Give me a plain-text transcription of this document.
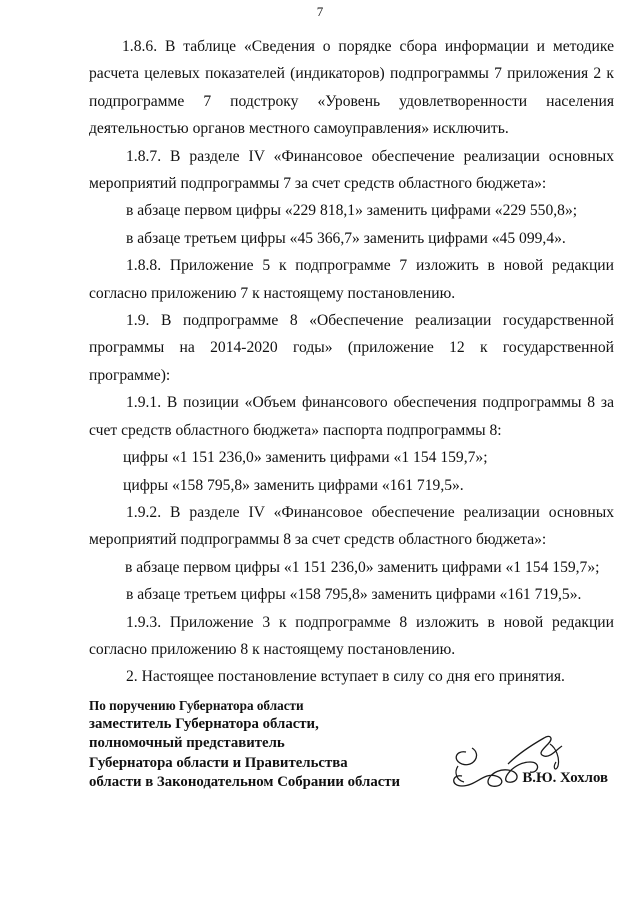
7

1.8.6. В таблице «Сведения о порядке сбора информации и методике расчета целевых показателей (индикаторов) подпрограммы 7 приложения 2 к подпрограмме 7 подстроку «Уровень удовлетворенности населения деятельностью органов местного самоуправления» исключить.

1.8.7. В разделе IV «Финансовое обеспечение реализации основных мероприятий подпрограммы 7 за счет средств областного бюджета»:

в абзаце первом цифры «229 818,1» заменить цифрами «229 550,8»;

в абзаце третьем цифры «45 366,7» заменить цифрами «45 099,4».

1.8.8. Приложение 5 к подпрограмме 7 изложить в новой редакции согласно приложению 7 к настоящему постановлению.

1.9. В подпрограмме 8 «Обеспечение реализации государственной программы на 2014-2020 годы» (приложение 12 к государственной программе):

1.9.1. В позиции «Объем финансового обеспечения подпрограммы 8 за счет средств областного бюджета» паспорта подпрограммы 8:

цифры «1 151 236,0» заменить цифрами «1 154 159,7»;

цифры «158 795,8» заменить цифрами «161 719,5».

1.9.2. В разделе IV «Финансовое обеспечение реализации основных мероприятий подпрограммы 8 за счет средств областного бюджета»:

в абзаце первом цифры «1 151 236,0» заменить цифрами «1 154 159,7»;

в абзаце третьем цифры «158 795,8» заменить цифрами «161 719,5».

1.9.3. Приложение 3 к подпрограмме 8 изложить в новой редакции согласно приложению 8 к настоящему постановлению.

2. Настоящее постановление вступает в силу со дня его принятия.

По поручению Губернатора области
заместитель Губернатора области,
полномочный представитель
Губернатора области и Правительства
области в Законодательном Собрании области	В.Ю. Хохлов
